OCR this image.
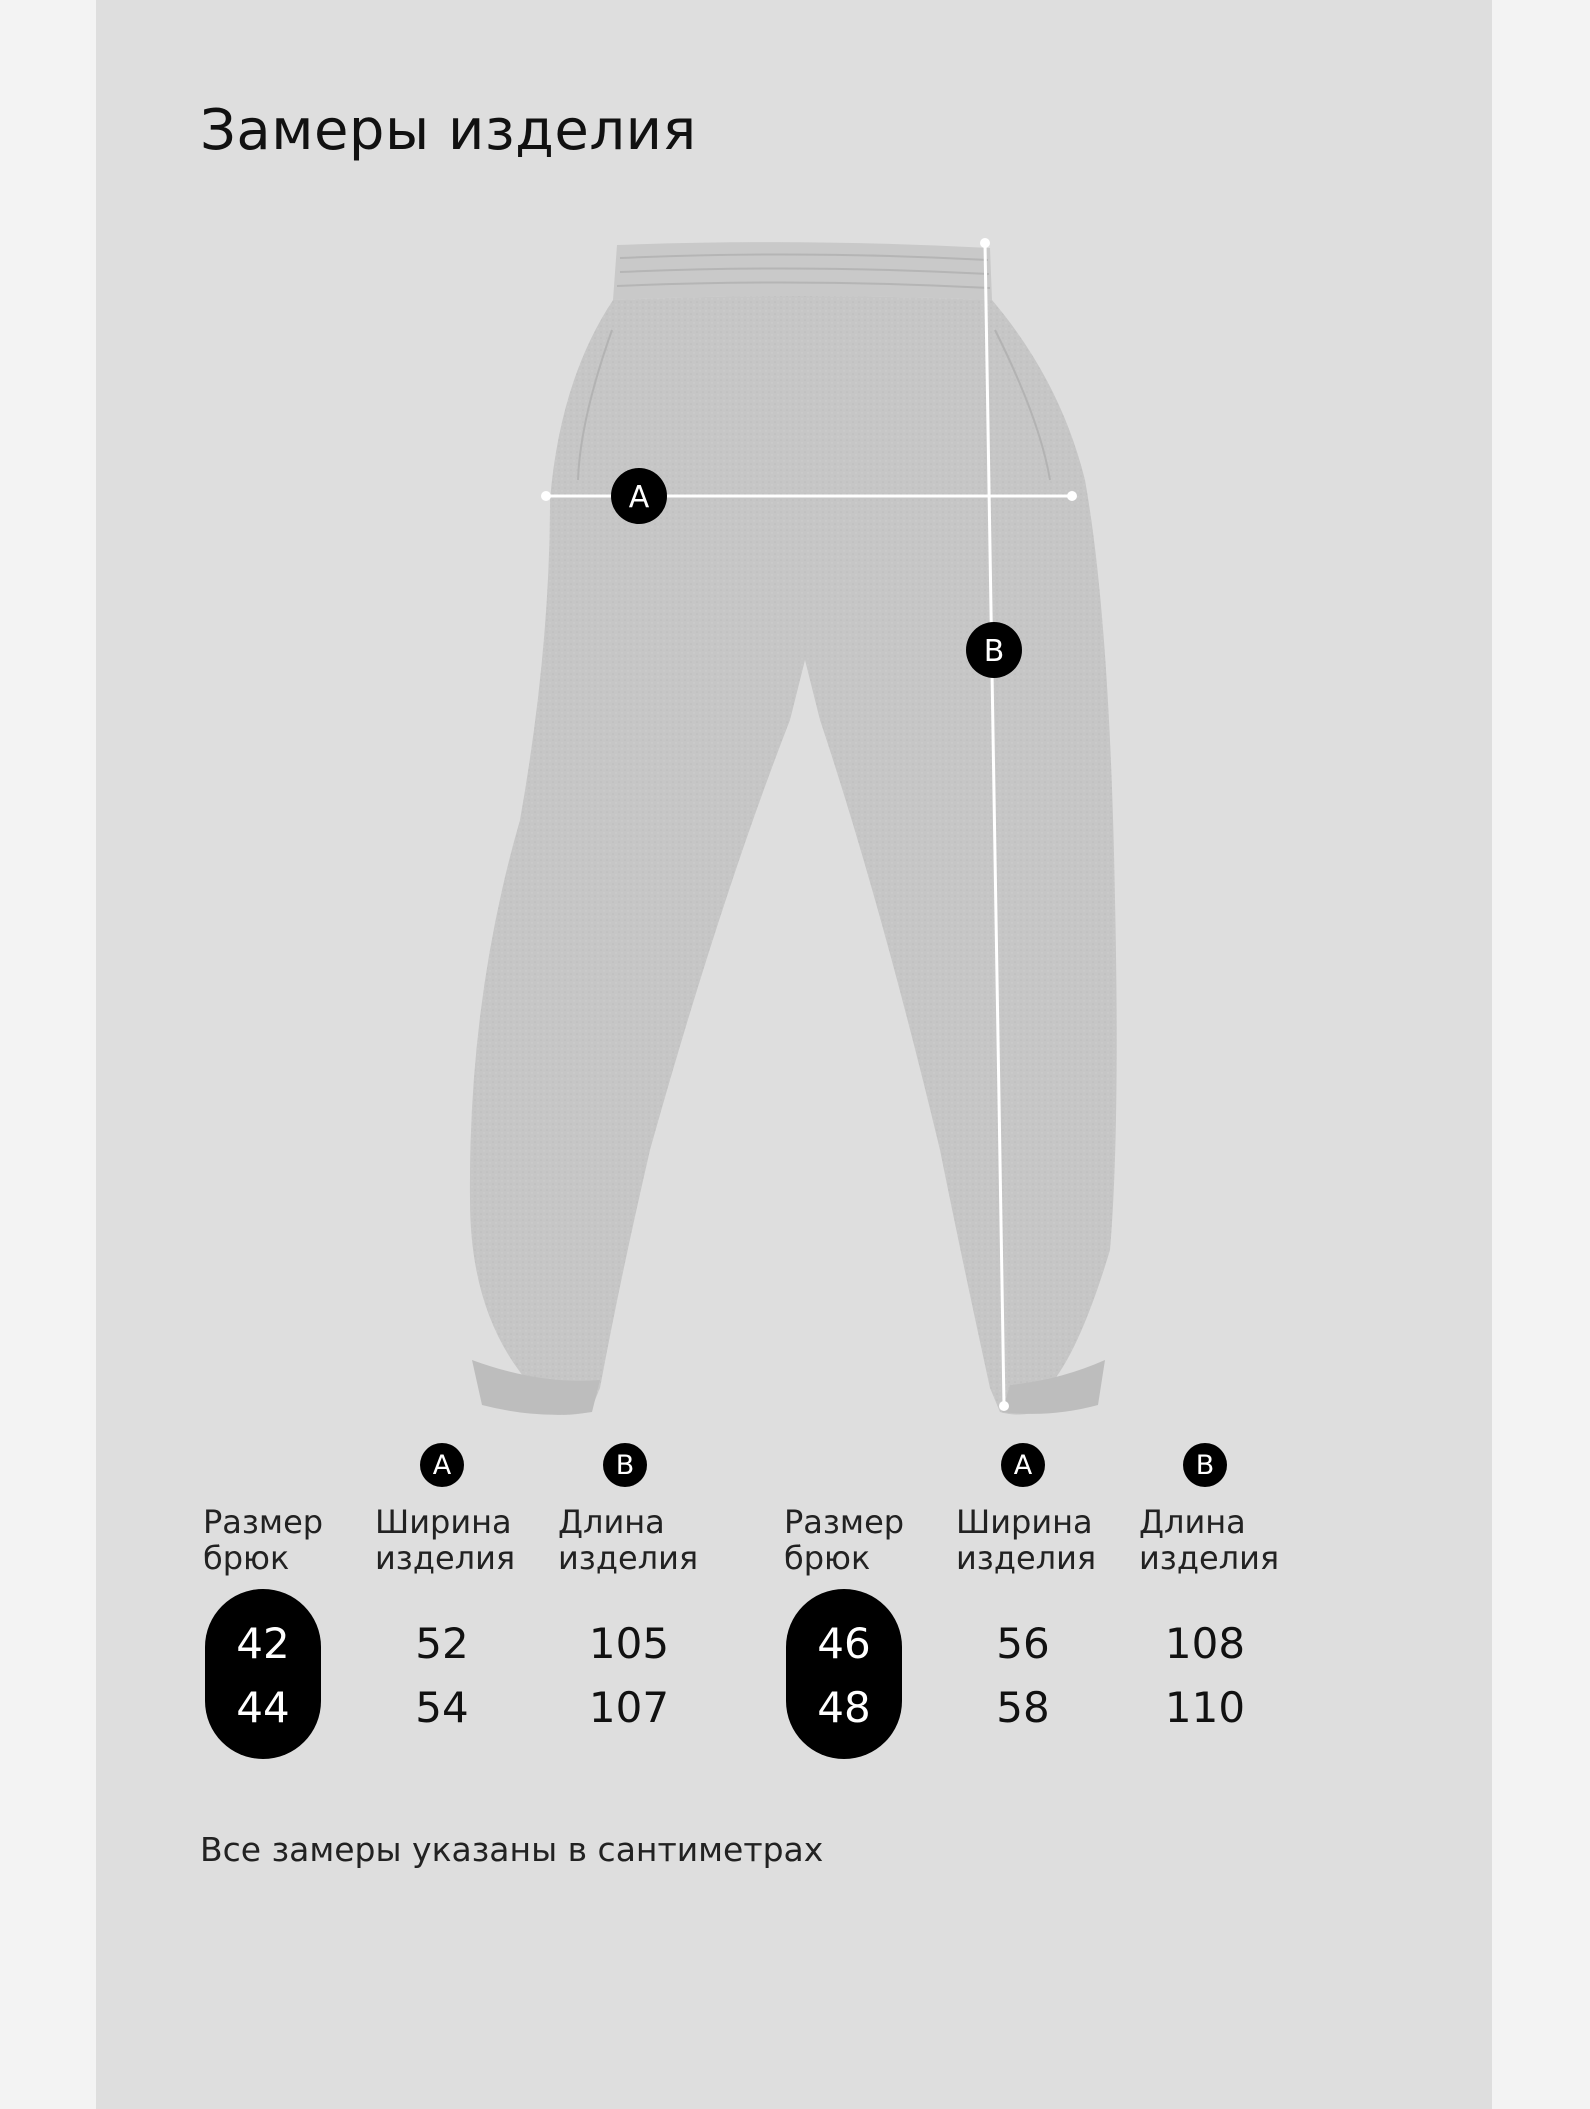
Замеры изделия
A
B
A	B
Размер
брюк
Ширина
изделия
Длина
изделия
42
44
52
54
105
107
A	B
Размер
брюк
Ширина
изделия
Длина
изделия
46
48
56
58
108
110
Все замеры указаны в сантиметрах
